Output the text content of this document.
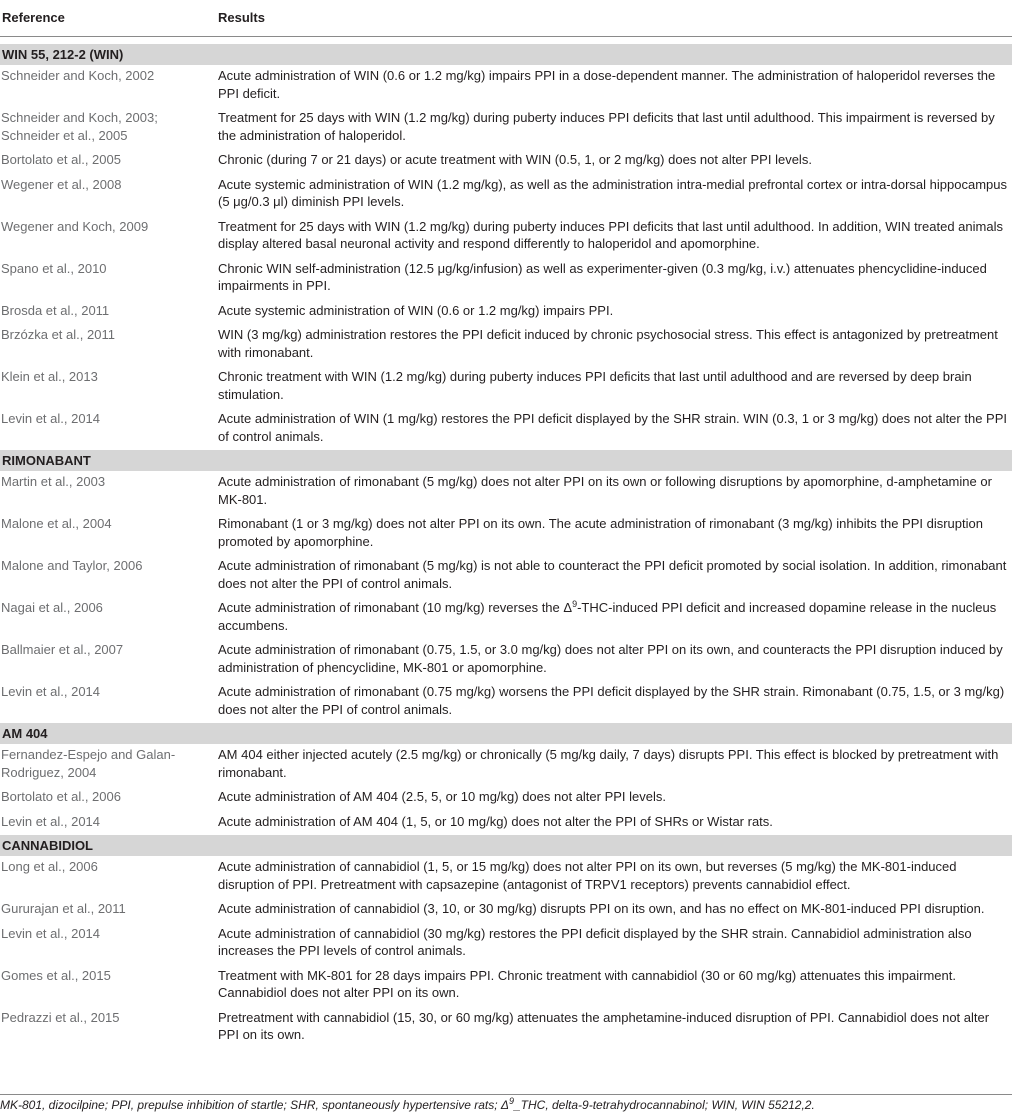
Reference	Results

WIN 55, 212-2 (WIN)	
Schneider and Koch, 2002	Acute administration of WIN (0.6 or 1.2 mg/kg) impairs PPI in a dose-dependent manner. The administration of haloperidol reverses the PPI deficit.
Schneider and Koch, 2003; Schneider et al., 2005	Treatment for 25 days with WIN (1.2 mg/kg) during puberty induces PPI deficits that last until adulthood. This impairment is reversed by the administration of haloperidol.
Bortolato et al., 2005	Chronic (during 7 or 21 days) or acute treatment with WIN (0.5, 1, or 2 mg/kg) does not alter PPI levels.
Wegener et al., 2008	Acute systemic administration of WIN (1.2 mg/kg), as well as the administration intra-medial prefrontal cortex or intra-dorsal hippocampus (5 μg/0.3 μl) diminish PPI levels.
Wegener and Koch, 2009	Treatment for 25 days with WIN (1.2 mg/kg) during puberty induces PPI deficits that last until adulthood. In addition, WIN treated animals display altered basal neuronal activity and respond differently to haloperidol and apomorphine.
Spano et al., 2010	Chronic WIN self-administration (12.5 μg/kg/infusion) as well as experimenter-given (0.3 mg/kg, i.v.) attenuates phencyclidine-induced impairments in PPI.
Brosda et al., 2011	Acute systemic administration of WIN (0.6 or 1.2 mg/kg) impairs PPI.
Brzózka et al., 2011	WIN (3 mg/kg) administration restores the PPI deficit induced by chronic psychosocial stress. This effect is antagonized by pretreatment with rimonabant.
Klein et al., 2013	Chronic treatment with WIN (1.2 mg/kg) during puberty induces PPI deficits that last until adulthood and are reversed by deep brain stimulation.
Levin et al., 2014	Acute administration of WIN (1 mg/kg) restores the PPI deficit displayed by the SHR strain. WIN (0.3, 1 or 3 mg/kg) does not alter the PPI of control animals.
RIMONABANT	
Martin et al., 2003	Acute administration of rimonabant (5 mg/kg) does not alter PPI on its own or following disruptions by apomorphine, d-amphetamine or MK-801.
Malone et al., 2004	Rimonabant (1 or 3 mg/kg) does not alter PPI on its own. The acute administration of rimonabant (3 mg/kg) inhibits the PPI disruption promoted by apomorphine.
Malone and Taylor, 2006	Acute administration of rimonabant (5 mg/kg) is not able to counteract the PPI deficit promoted by social isolation. In addition, rimonabant does not alter the PPI of control animals.
Nagai et al., 2006	Acute administration of rimonabant (10 mg/kg) reverses the $\Delta^9-THC$-induced PPI deficit and increased dopamine release in the nucleus accumbens.
Ballmaier et al., 2007	Acute administration of rimonabant (0.75, 1.5, or 3.0 mg/kg) does not alter PPI on its own, and counteracts the PPI disruption induced by administration of phencyclidine, MK-801 or apomorphine.
Levin et al., 2014	Acute administration of rimonabant (0.75 mg/kg) worsens the PPI deficit displayed by the SHR strain. Rimonabant (0.75, 1.5, or 3 mg/kg) does not alter the PPI of control animals.
AM 404	
Fernandez-Espejo and Galan-Rodriguez, 2004	AM 404 either injected acutely (2.5 mg/kg) or chronically (5 mg/kg daily, 7 days) disrupts PPI. This effect is blocked by pretreatment with rimonabant.
Bortolato et al., 2006	Acute administration of AM 404 (2.5, 5, or 10 mg/kg) does not alter PPI levels.
Levin et al., 2014	Acute administration of AM 404 (1, 5, or 10 mg/kg) does not alter the PPI of SHRs or Wistar rats.
CANNABIDIOL	
Long et al., 2006	Acute administration of cannabidiol (1, 5, or 15 mg/kg) does not alter PPI on its own, but reverses (5 mg/kg) the MK-801-induced disruption of PPI. Pretreatment with capsazepine (antagonist of TRPV1 receptors) prevents cannabidiol effect.
Gururajan et al., 2011	Acute administration of cannabidiol (3, 10, or 30 mg/kg) disrupts PPI on its own, and has no effect on MK-801-induced PPI disruption.
Levin et al., 2014	Acute administration of cannabidiol (30 mg/kg) restores the PPI deficit displayed by the SHR strain. Cannabidiol administration also increases the PPI levels of control animals.
Gomes et al., 2015	Treatment with MK-801 for 28 days impairs PPI. Chronic treatment with cannabidiol (30 or 60 mg/kg) attenuates this impairment. Cannabidiol does not alter PPI on its own.
Pedrazzi et al., 2015	Pretreatment with cannabidiol (15, 30, or 60 mg/kg) attenuates the amphetamine-induced disruption of PPI. Cannabidiol does not alter PPI on its own.
MK-801, dizocilpine; PPI, prepulse inhibition of startle; SHR, spontaneously hypertensive rats; $\Delta^9\_THC$, delta-9-tetrahydrocannabinol; WIN, WIN 55212,2.
